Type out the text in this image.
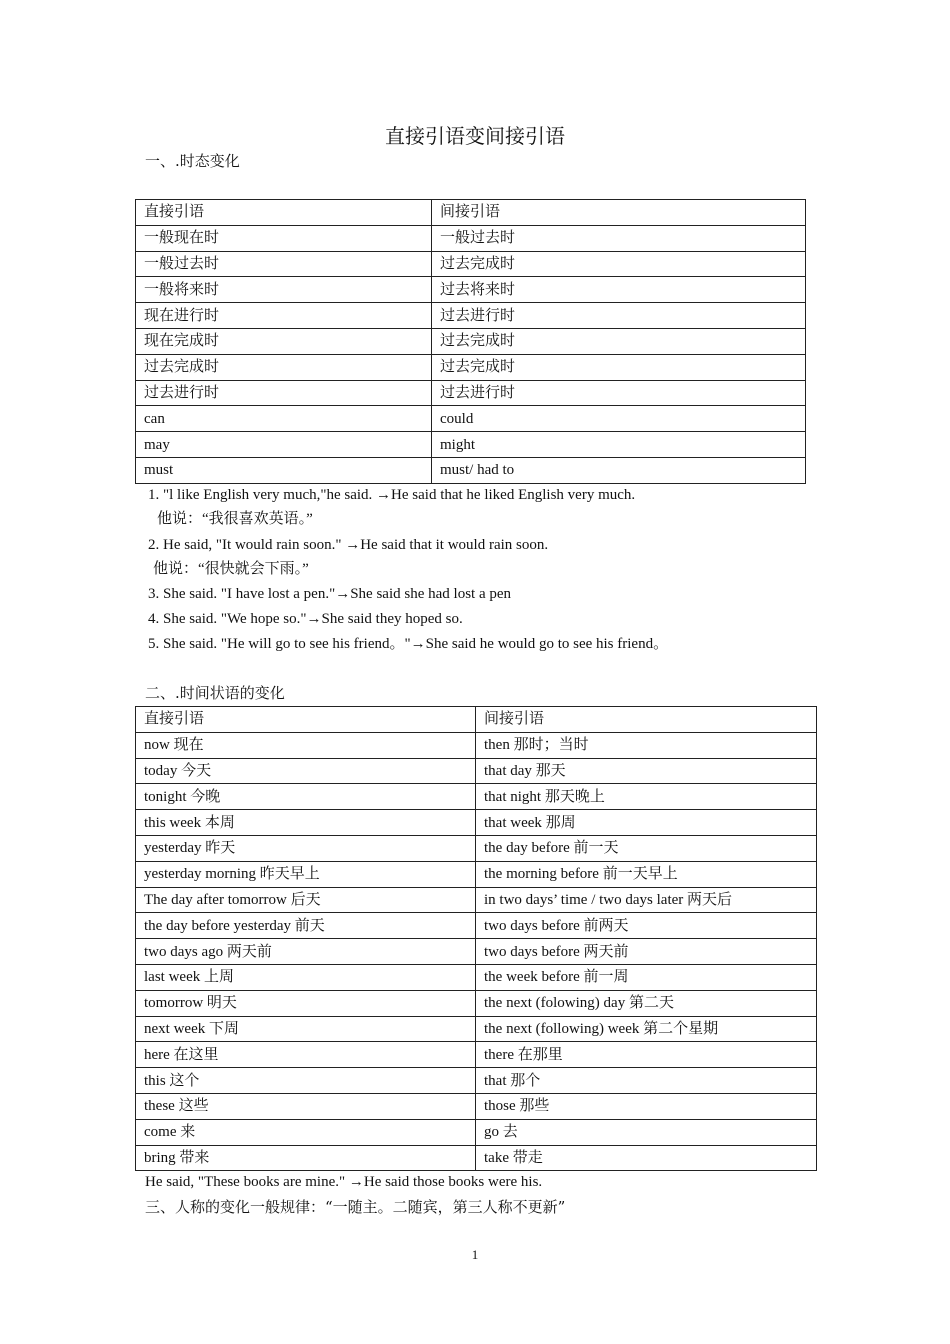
直接引语变间接引语
一、.时态变化
直接引语	间接引语
一般现在时	一般过去时
一般过去时	过去完成时
一般将来时	过去将来时
现在进行时	过去进行时
现在完成时	过去完成时
过去完成时	过去完成时
过去进行时	过去进行时
can	could
may	might
must	must/ had to
1. "l like English very much,"he said. →He said that he liked English very much.
他说：“我很喜欢英语。”
2. He said, "It would rain soon." →He said that it would rain soon.
他说：“很快就会下雨。”
3. She said. "I have lost a pen."→She said she had lost a pen
4. She said. "We hope so."→She said they hoped so.
5. She said. "He will go to see his friend。"→She said he would go to see his friend。
二、.时间状语的变化
直接引语	间接引语
now 现在	then 那时；当时
today 今天	that day 那天
tonight 今晚	that night 那天晚上
this week 本周	that week 那周
yesterday 昨天	the day before 前一天
yesterday morning 昨天早上	the morning before 前一天早上
The day after tomorrow 后天	in two days’ time / two days later 两天后
the day before yesterday 前天	two days before 前两天
two days ago 两天前	two days before 两天前
last week 上周	the week before 前一周
tomorrow 明天	the next (folowing) day 第二天
next week 下周	the next (following) week 第二个星期
here 在这里	there 在那里
this 这个	that 那个
these 这些	those 那些
come 来	go 去
bring 带来	take 带走
He said, "These books are mine." →He said those books were his.
三、人称的变化一般规律：“一随主。二随宾，第三人称不更新”
1
